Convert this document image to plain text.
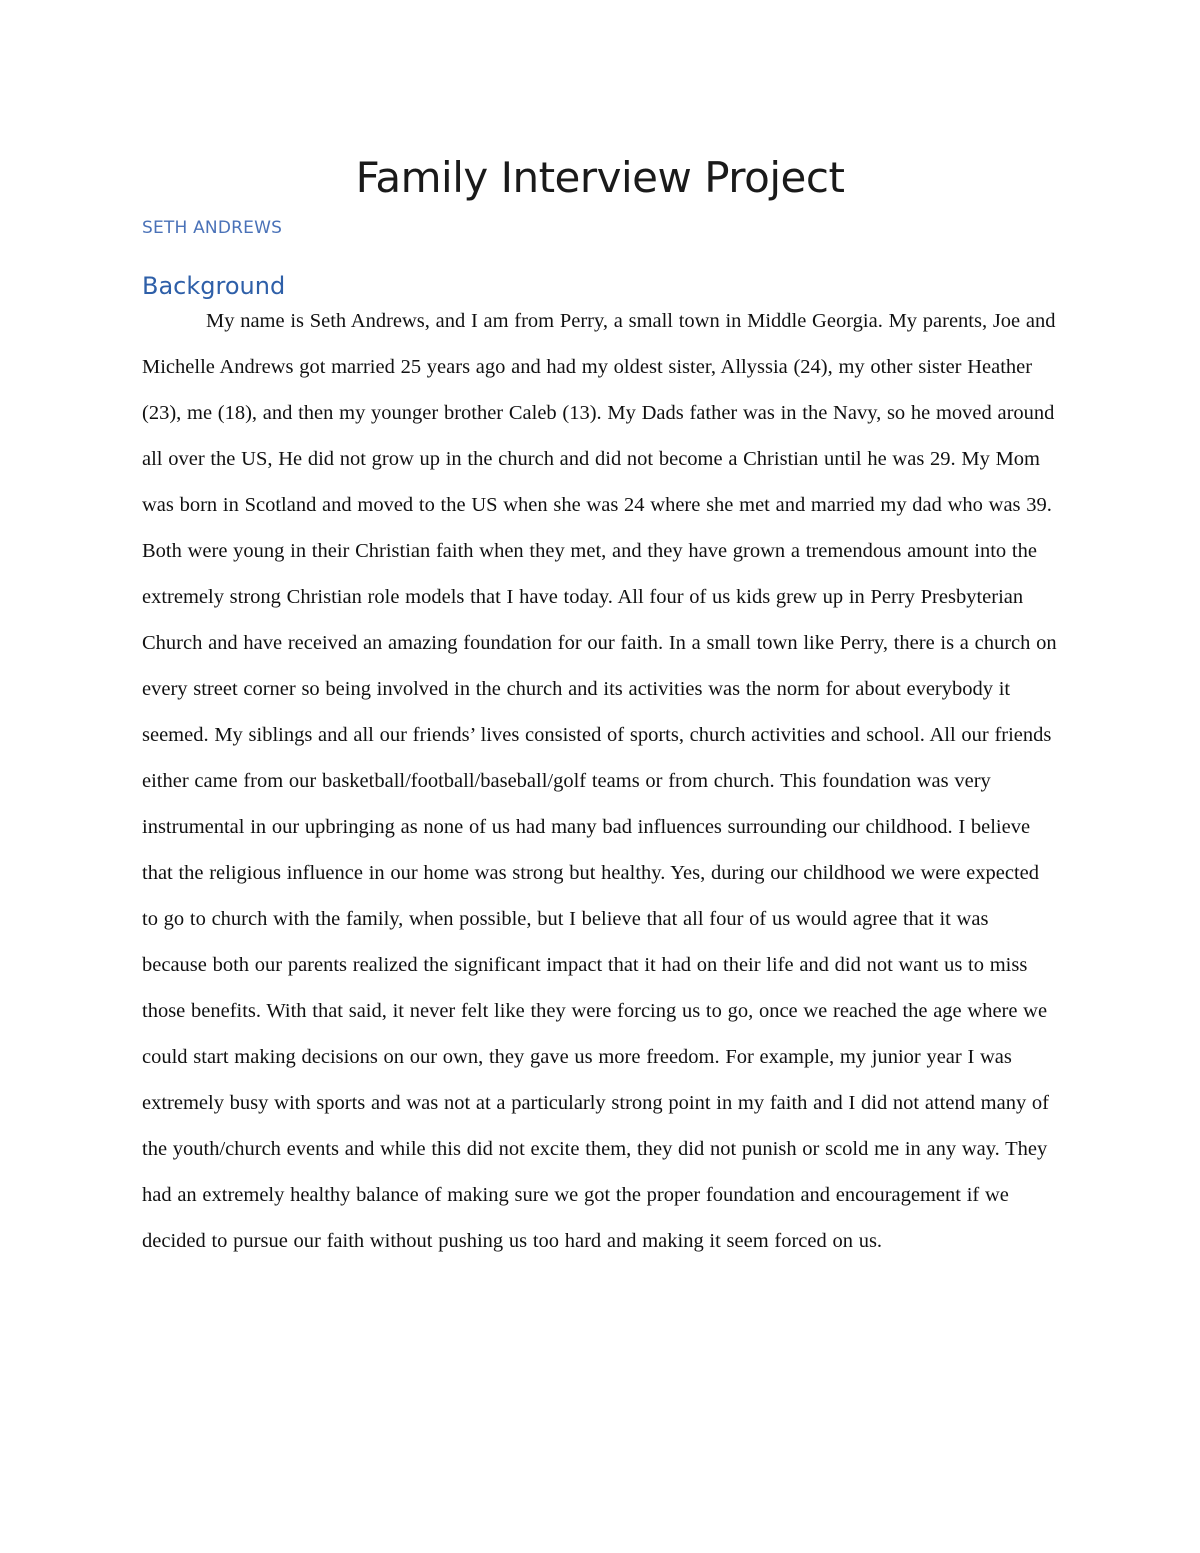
Family Interview Project

SETH ANDREWS

Background

My name is Seth Andrews, and I am from Perry, a small town in Middle Georgia. My parents, Joe and Michelle Andrews got married 25 years ago and had my oldest sister, Allyssia (24), my other sister Heather (23), me (18), and then my younger brother Caleb (13). My Dads father was in the Navy, so he moved around all over the US, He did not grow up in the church and did not become a Christian until he was 29. My Mom was born in Scotland and moved to the US when she was 24 where she met and married my dad who was 39. Both were young in their Christian faith when they met, and they have grown a tremendous amount into the extremely strong Christian role models that I have today. All four of us kids grew up in Perry Presbyterian Church and have received an amazing foundation for our faith. In a small town like Perry, there is a church on every street corner so being involved in the church and its activities was the norm for about everybody it seemed. My siblings and all our friends’ lives consisted of sports, church activities and school. All our friends either came from our basketball/football/baseball/golf teams or from church. This foundation was very instrumental in our upbringing as none of us had many bad influences surrounding our childhood. I believe that the religious influence in our home was strong but healthy. Yes, during our childhood we were expected to go to church with the family, when possible, but I believe that all four of us would agree that it was because both our parents realized the significant impact that it had on their life and did not want us to miss those benefits. With that said, it never felt like they were forcing us to go, once we reached the age where we could start making decisions on our own, they gave us more freedom. For example, my junior year I was extremely busy with sports and was not at a particularly strong point in my faith and I did not attend many of the youth/church events and while this did not excite them, they did not punish or scold me in any way. They had an extremely healthy balance of making sure we got the proper foundation and encouragement if we decided to pursue our faith without pushing us too hard and making it seem forced on us.
